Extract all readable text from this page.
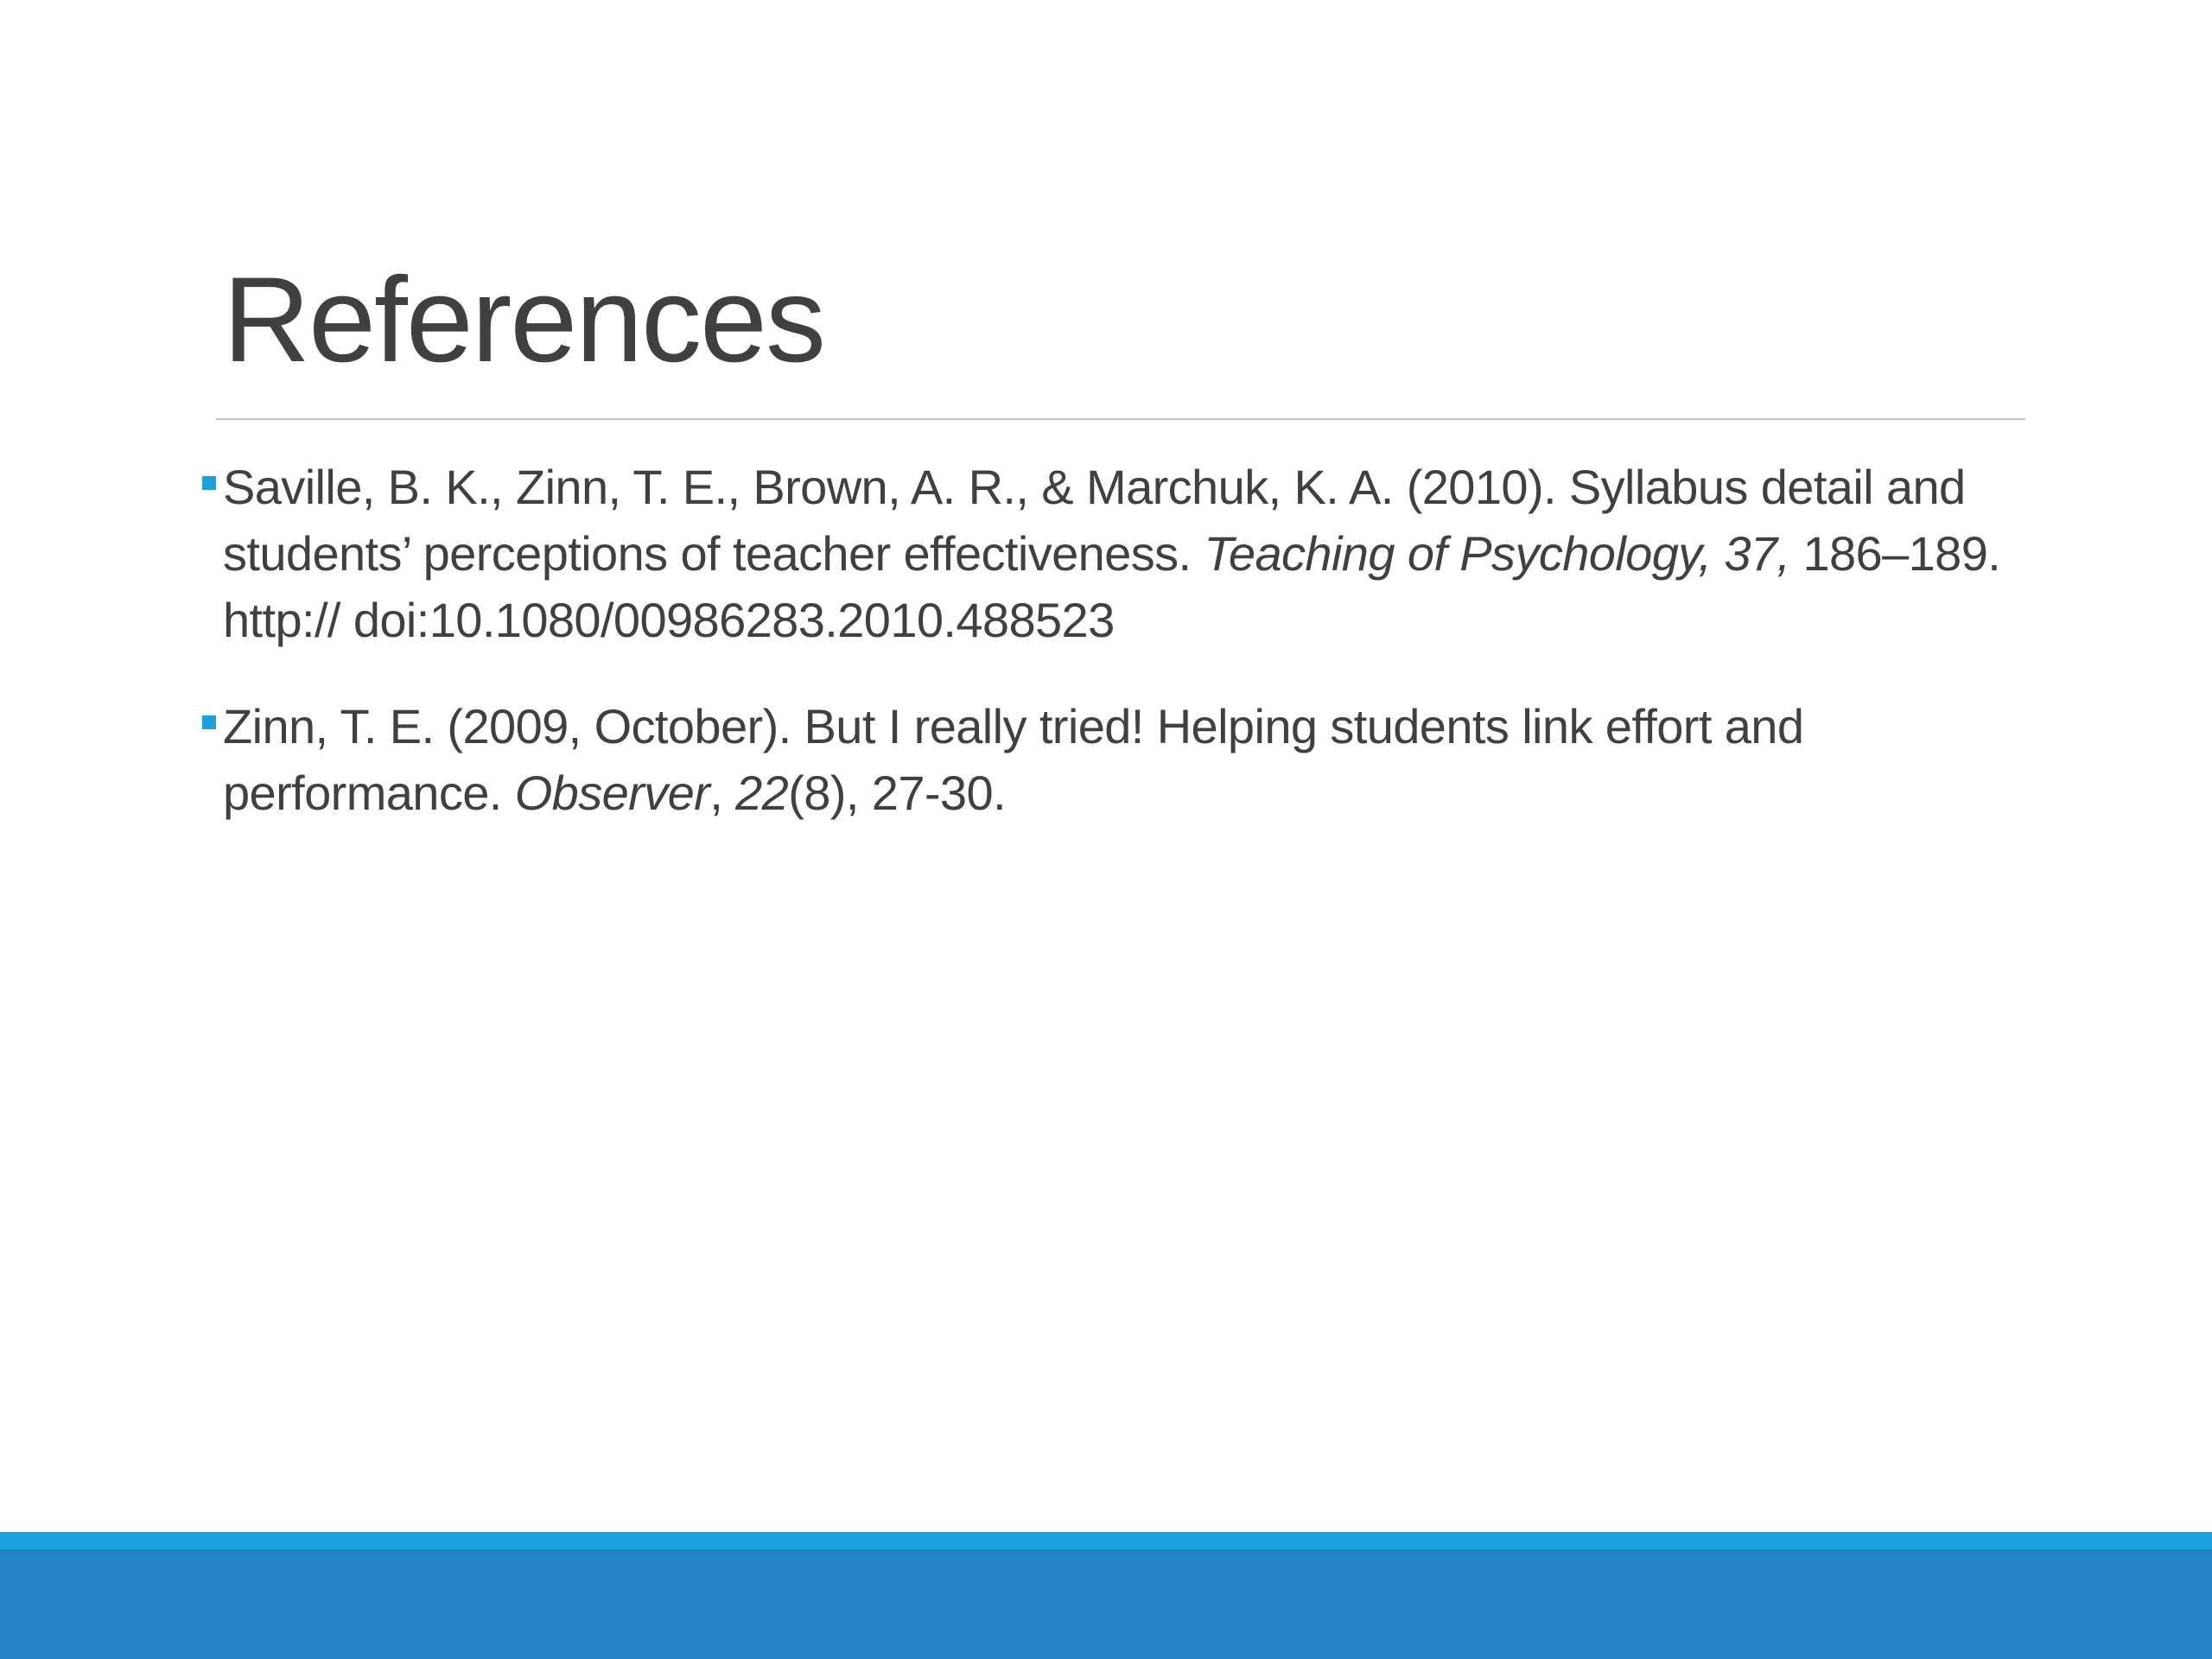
References
Saville, B. K., Zinn, T. E., Brown, A. R., & Marchuk, K. A. (2010). Syllabus detail and students’ perceptions of teacher effectiveness. Teaching of Psychology, 37, 186–189. http:// doi:10.1080/00986283.2010.488523
Zinn, T. E. (2009, October). But I really tried! Helping students link effort and performance. Observer, 22(8), 27-30.
